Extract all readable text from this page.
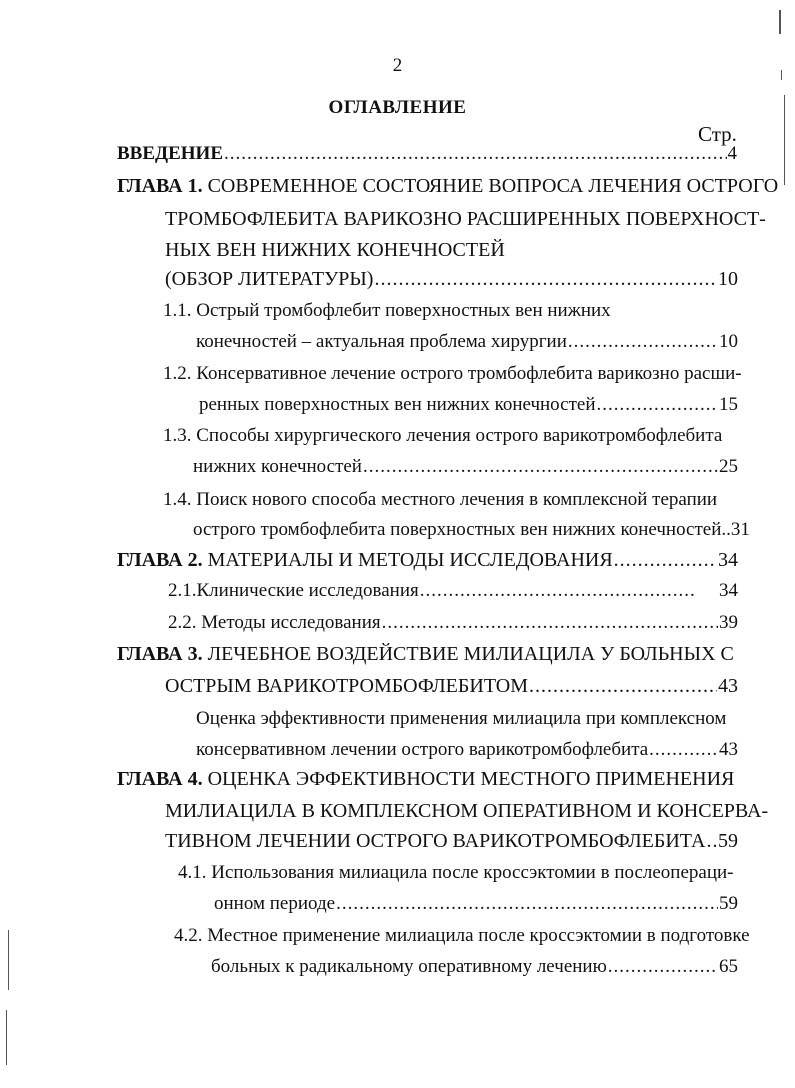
2
ОГЛАВЛЕНИЕ
Стр.
ВВЕДЕНИЕ .....	4
ГЛАВА 1.
СОВРЕМЕННОЕ СОСТОЯНИЕ ВОПРОСА ЛЕЧЕНИЯ ОСТРОГО
ТРОМБОФЛЕБИТА ВАРИКОЗНО РАСШИРЕННЫХ ПОВЕРХНОСТ-
НЫХ ВЕН НИЖНИХ КОНЕЧНОСТЕЙ
(ОБЗОР ЛИТЕРАТУРЫ) .....	10
1.1. Острый тромбофлебит поверхностных вен нижних
конечностей – актуальная проблема хирургии .....	10
1.2. Консервативное лечение острого тромбофлебита варикозно расши-
ренных поверхностных вен нижних конечностей .....	15
1.3. Способы хирургического лечения острого варикотромбофлебита
нижних конечностей .....	25
1.4. Поиск нового способа местного лечения в комплексной терапии
острого тромбофлебита поверхностных вен нижних конечностей..31
ГЛАВА 2.
МАТЕРИАЛЫ И МЕТОДЫ ИССЛЕДОВАНИЯ .....	34
2.1.Клинические исследования .....	34
2.2. Методы исследования .....	39
ГЛАВА 3.
ЛЕЧЕБНОЕ ВОЗДЕЙСТВИЕ МИЛИАЦИЛА У БОЛЬНЫХ С
ОСТРЫМ ВАРИКОТРОМБОФЛЕБИТОМ .....	43
Оценка эффективности применения милиацила при комплексном
консервативном лечении острого варикотромбофлебита .....	43
ГЛАВА 4.
ОЦЕНКА ЭФФЕКТИВНОСТИ МЕСТНОГО ПРИМЕНЕНИЯ
МИЛИАЦИЛА В КОМПЛЕКСНОМ ОПЕРАТИВНОМ И КОНСЕРВА-
ТИВНОМ ЛЕЧЕНИИ ОСТРОГО ВАРИКОТРОМБОФЛЕБИТА ..... 59
4.1. Использования милиацила после кроссэктомии в послеопераци-
онном периоде .....	59
4.2. Местное применение милиацила после кроссэктомии в подготовке
больных к радикальному оперативному лечению .....	65
